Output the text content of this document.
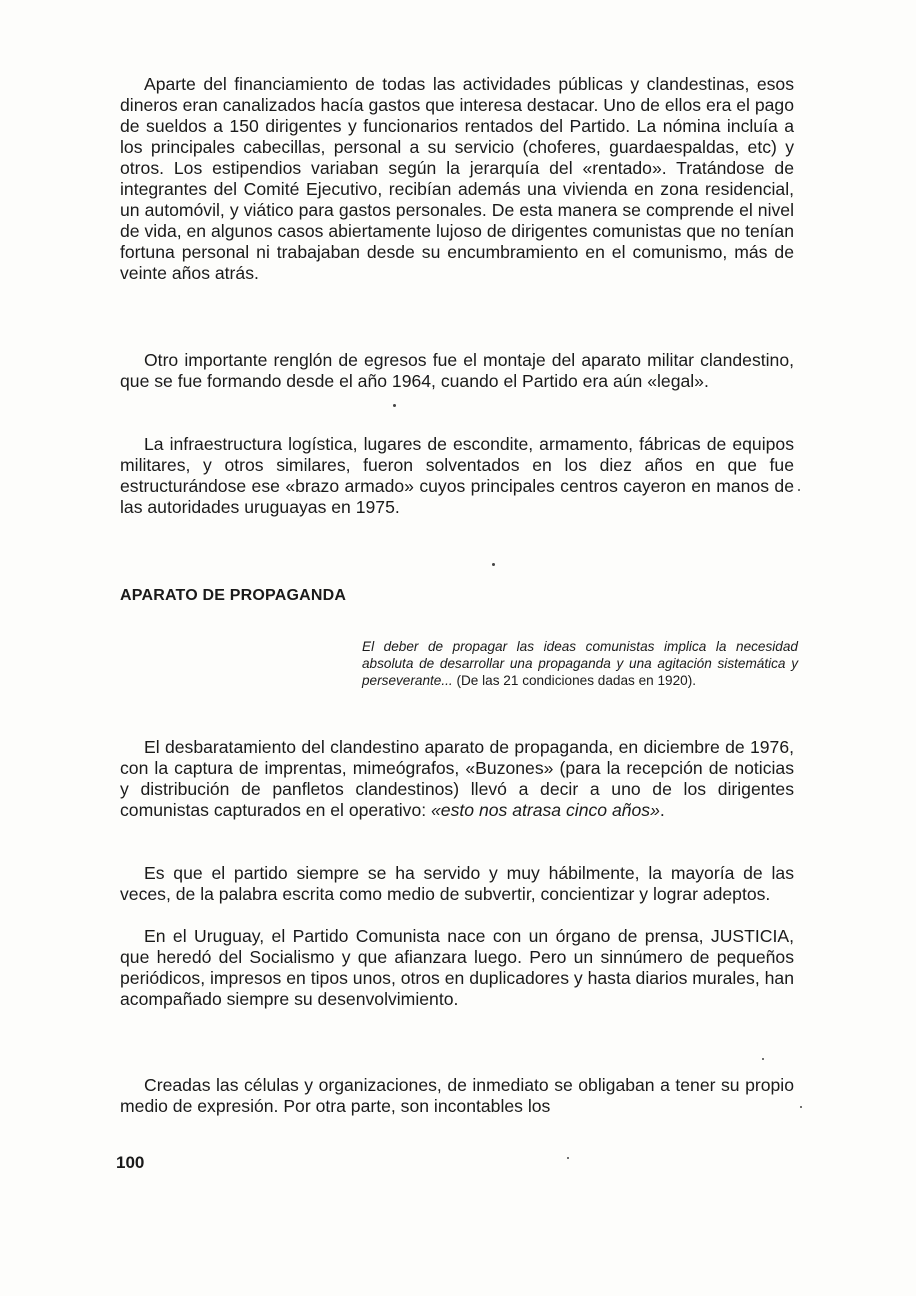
Aparte del financiamiento de todas las actividades públicas y clandestinas, esos dineros eran canalizados hacía gastos que interesa destacar. Uno de ellos era el pago de sueldos a 150 dirigentes y funcionarios rentados del Partido. La nómina incluía a los principales cabecillas, personal a su servicio (choferes, guardaespaldas, etc) y otros. Los estipendios variaban según la jerarquía del «rentado». Tratándose de integrantes del Comité Ejecutivo, recibían además una vivienda en zona residencial, un automóvil, y viático para gastos personales. De esta manera se comprende el nivel de vida, en algunos casos abiertamente lujoso de dirigentes comunistas que no tenían fortuna personal ni trabajaban desde su encumbramiento en el comunismo, más de veinte años atrás.

Otro importante renglón de egresos fue el montaje del aparato militar clandestino, que se fue formando desde el año 1964, cuando el Partido era aún «legal».

La infraestructura logística, lugares de escondite, armamento, fábricas de equipos militares, y otros similares, fueron solventados en los diez años en que fue estructurándose ese «brazo armado» cuyos principales centros cayeron en manos de las autoridades uruguayas en 1975.

APARATO DE PROPAGANDA

El deber de propagar las ideas comunistas implica la necesidad absoluta de desarrollar una propaganda y una agitación sistemática y perseverante... (De las 21 condiciones dadas en 1920).

El desbaratamiento del clandestino aparato de propaganda, en diciembre de 1976, con la captura de imprentas, mimeógrafos, «Buzones» (para la recepción de noticias y distribución de panfletos clandestinos) llevó a decir a uno de los dirigentes comunistas capturados en el operativo: «esto nos atrasa cinco años».

Es que el partido siempre se ha servido y muy hábilmente, la mayoría de las veces, de la palabra escrita como medio de subvertir, concientizar y lograr adeptos.

En el Uruguay, el Partido Comunista nace con un órgano de prensa, JUSTICIA, que heredó del Socialismo y que afianzara luego. Pero un sinnúmero de pequeños periódicos, impresos en tipos unos, otros en duplicadores y hasta diarios murales, han acompañado siempre su desenvolvimiento.

Creadas las células y organizaciones, de inmediato se obligaban a tener su propio medio de expresión. Por otra parte, son incontables los

100
